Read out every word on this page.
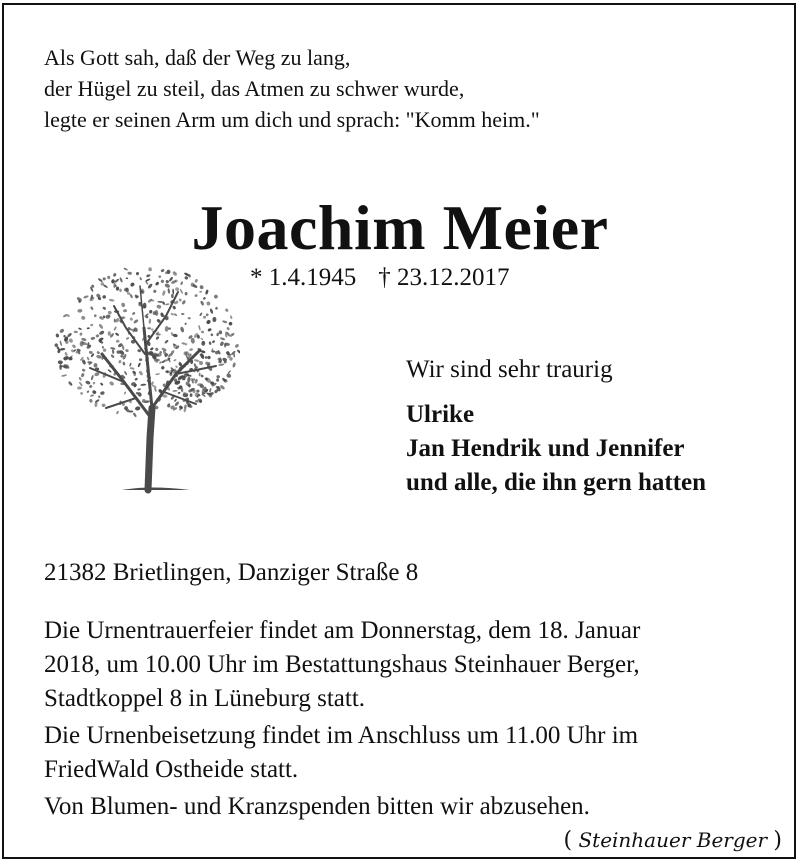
Als Gott sah, daß der Weg zu lang,
der Hügel zu steil, das Atmen zu schwer wurde,
legte er seinen Arm um dich und sprach: "Komm heim."
Joachim Meier
* 1.4.1945 † 23.12.2017
Wir sind sehr traurig
Ulrike
Jan Hendrik und Jennifer
und alle, die ihn gern hatten
21382 Brietlingen, Danziger Straße 8

Die Urnentrauerfeier findet am Donnerstag, dem 18. Januar
2018, um 10.00 Uhr im Bestattungshaus Steinhauer Berger,
Stadtkoppel 8 in Lüneburg statt.

Die Urnenbeisetzung findet im Anschluss um 11.00 Uhr im
FriedWald Ostheide statt.

Von Blumen- und Kranzspenden bitten wir abzusehen.

( Steinhauer Berger )
